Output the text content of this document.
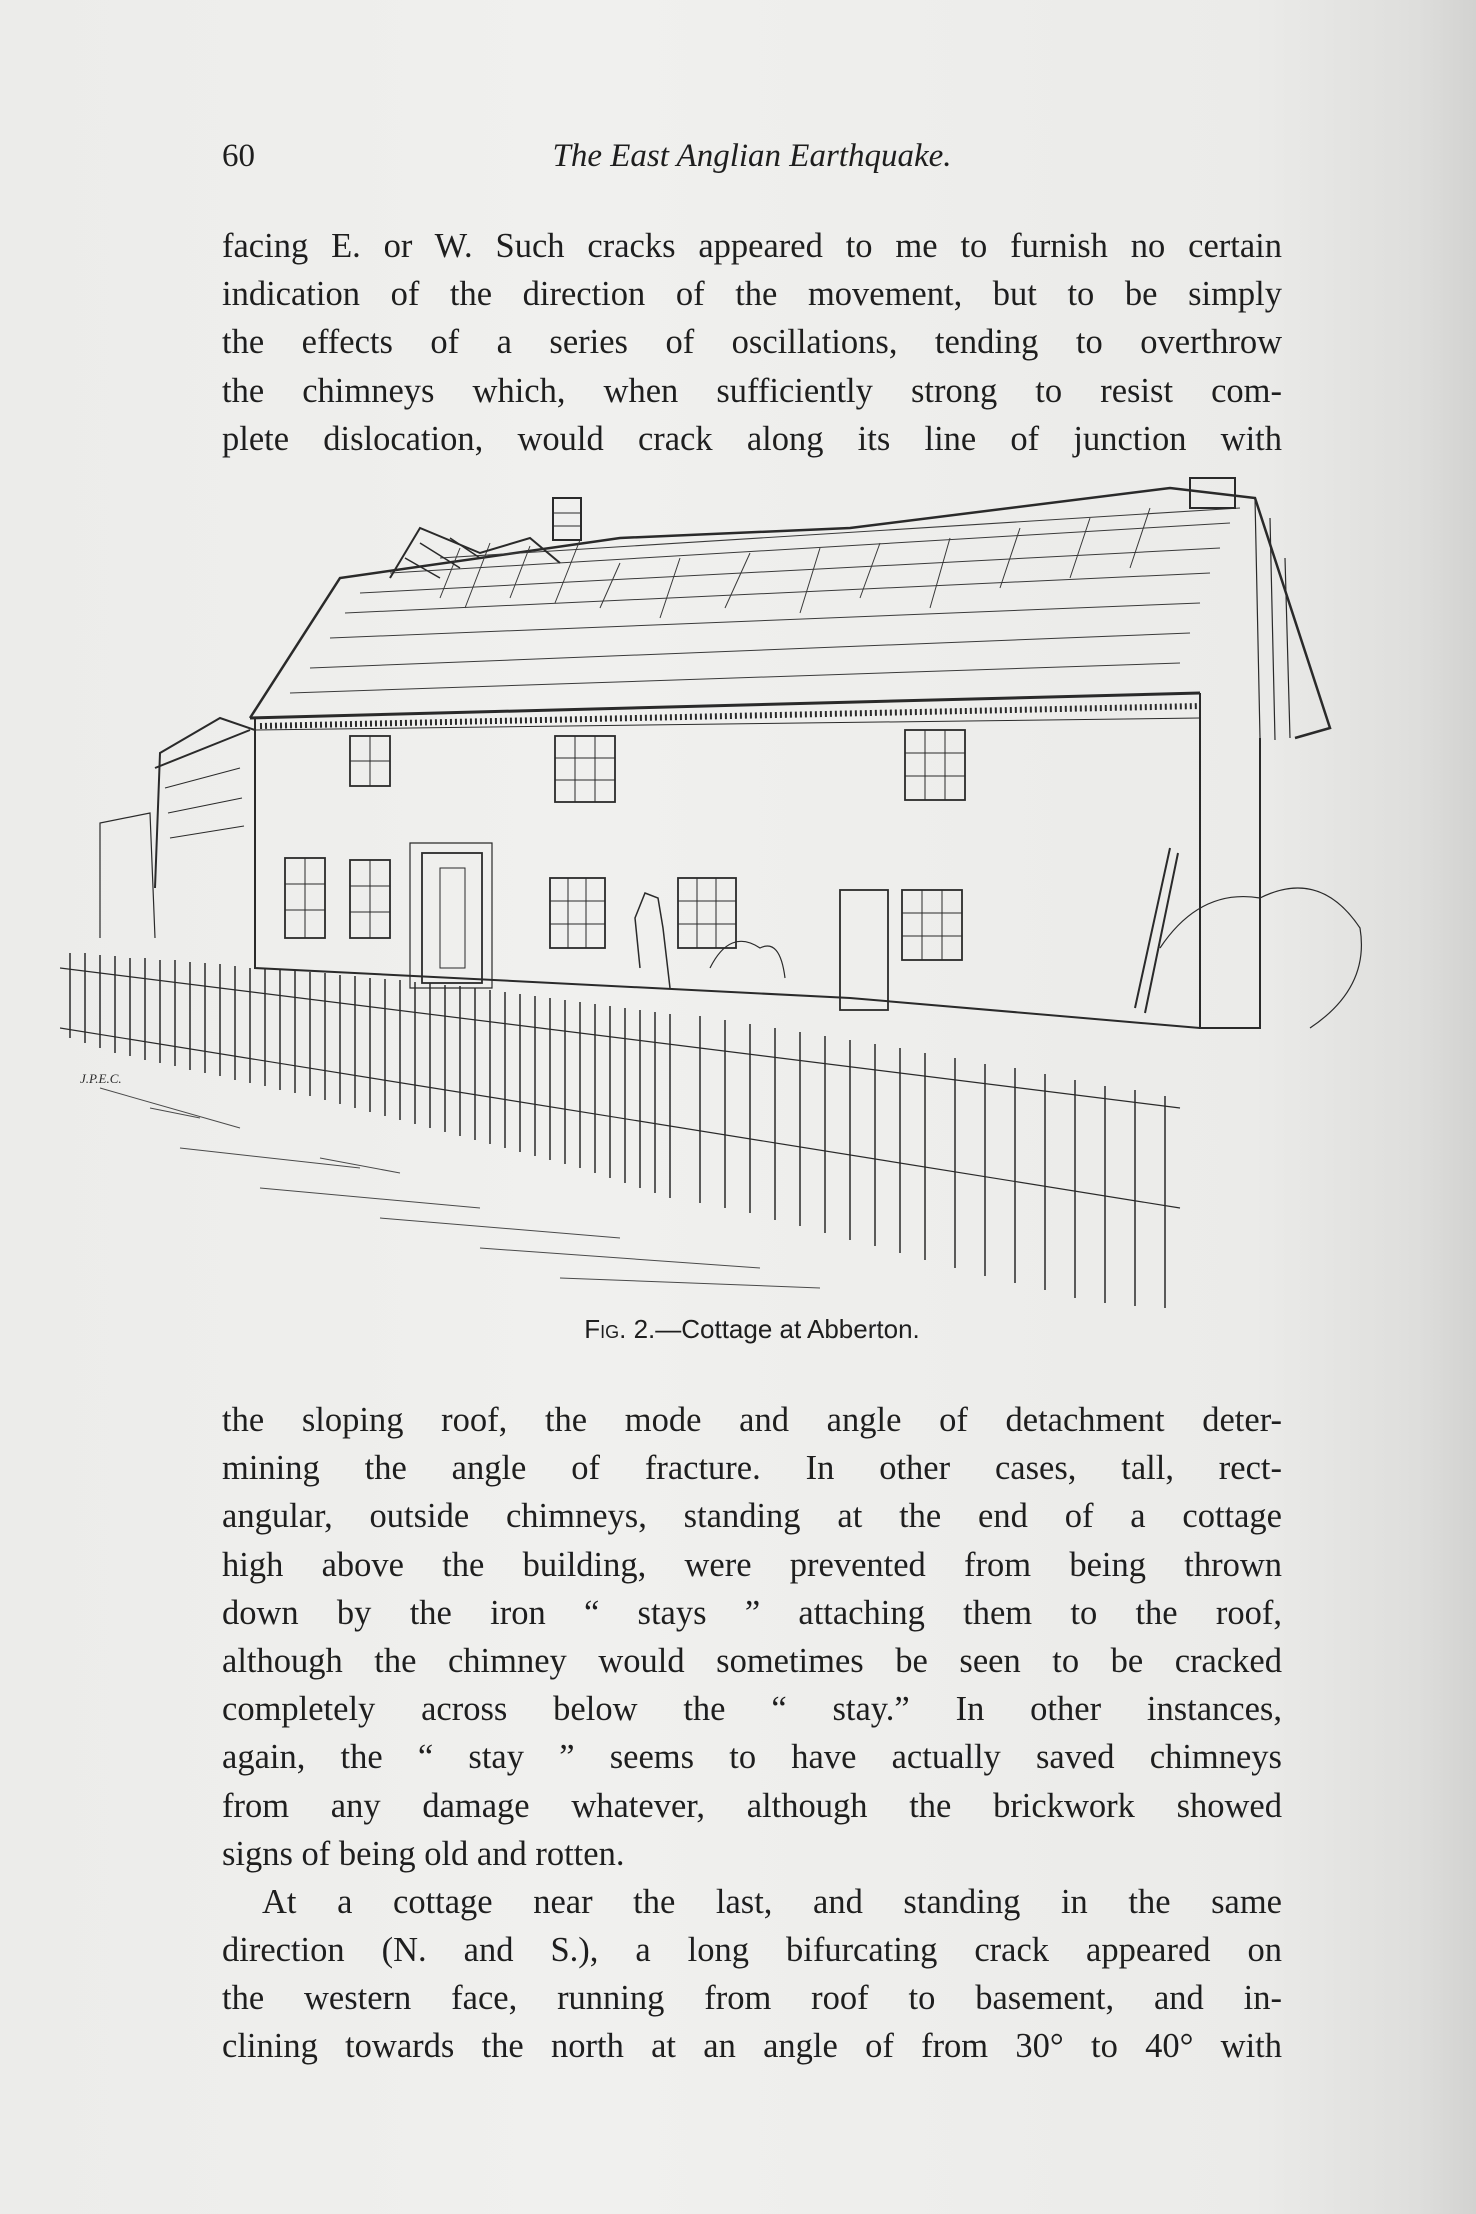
60	The East Anglian Earthquake.
facing E. or W. Such cracks appeared to me to furnish no certain
indication of the direction of the movement, but to be simply
the effects of a series of oscillations, tending to overthrow
the chimneys which, when sufficiently strong to resist com-
plete dislocation, would crack along its line of junction with
J.P.E.C.
Fig. 2.—Cottage at Abberton.
the sloping roof, the mode and angle of detachment deter-
mining the angle of fracture. In other cases, tall, rect-
angular, outside chimneys, standing at the end of a cottage
high above the building, were prevented from being thrown
down by the iron “ stays ” attaching them to the roof,
although the chimney would sometimes be seen to be cracked
completely across below the “ stay.” In other instances,
again, the “ stay ” seems to have actually saved chimneys
from any damage whatever, although the brickwork showed
signs of being old and rotten.
At a cottage near the last, and standing in the same
direction (N. and S.), a long bifurcating crack appeared on
the western face, running from roof to basement, and in-
clining towards the north at an angle of from 30° to 40° with
